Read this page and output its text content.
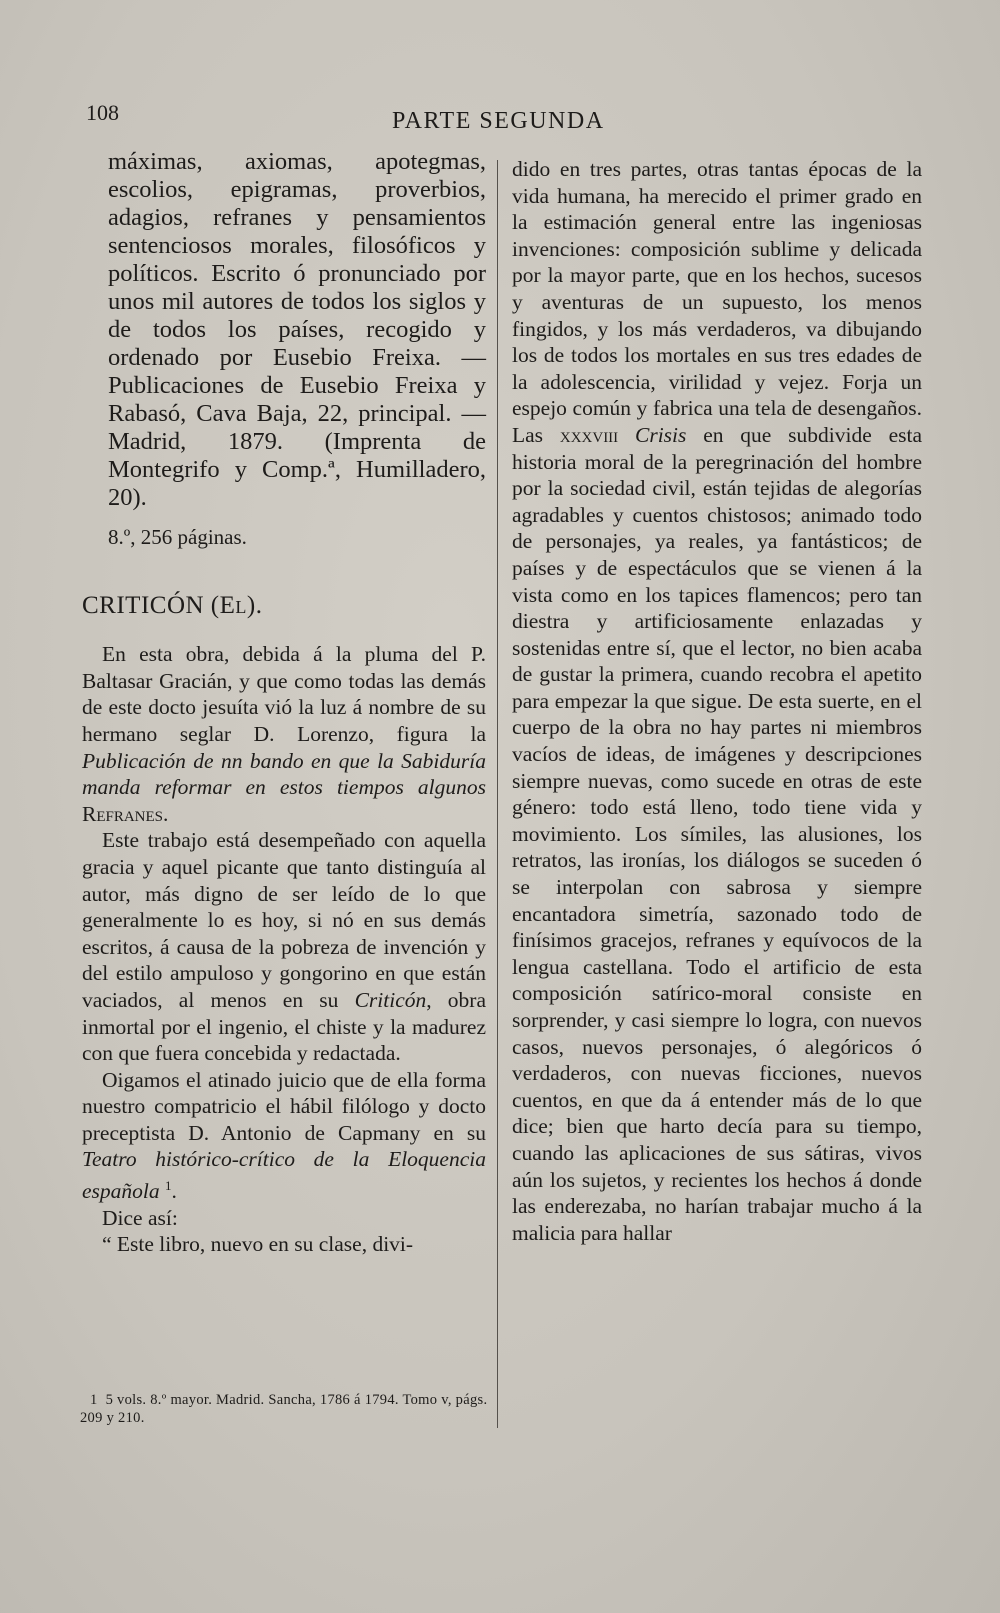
108	PARTE SEGUNDA

máximas, axiomas, apotegmas, escolios, epigramas, proverbios, adagios, refranes y pensamientos sentenciosos morales, filosóficos y políticos. Escrito ó pronunciado por unos mil autores de todos los siglos y de todos los países, recogido y ordenado por Eusebio Freixa. —Publicaciones de Eusebio Freixa y Rabasó, Cava Baja, 22, principal. — Madrid, 1879. (Imprenta de Montegrifo y Comp.ª, Humilladero, 20).

8.º, 256 páginas.

CRITICÓN (El).

En esta obra, debida á la pluma del P. Baltasar Gracián, y que como todas las demás de este docto jesuíta vió la luz á nombre de su hermano seglar D. Lorenzo, figura la Publicación de nn bando en que la Sabiduría manda reformar en estos tiempos algunos Refranes.

Este trabajo está desempeñado con aquella gracia y aquel picante que tanto distinguía al autor, más digno de ser leído de lo que generalmente lo es hoy, si nó en sus demás escritos, á causa de la pobreza de invención y del estilo ampuloso y gongorino en que están vaciados, al menos en su Criticón, obra inmortal por el ingenio, el chiste y la madurez con que fuera concebida y redactada.

Oigamos el atinado juicio que de ella forma nuestro compatricio el hábil filólogo y docto preceptista D. Antonio de Capmany en su Teatro histórico-crítico de la Eloquencia española $^1$.

Dice así:

“ Este libro, nuevo en su clase, divi-

dido en tres partes, otras tantas épocas de la vida humana, ha merecido el primer grado en la estimación general entre las ingeniosas invenciones: composición sublime y delicada por la mayor parte, que en los hechos, sucesos y aventuras de un supuesto, los menos fingidos, y los más verdaderos, va dibujando los de todos los mortales en sus tres edades de la adolescencia, virilidad y vejez. Forja un espejo común y fabrica una tela de desengaños. Las xxxviii Crisis en que subdivide esta historia moral de la peregrinación del hombre por la sociedad civil, están tejidas de alegorías agradables y cuentos chistosos; animado todo de personajes, ya reales, ya fantásticos; de países y de espectáculos que se vienen á la vista como en los tapices flamencos; pero tan diestra y artificiosamente enlazadas y sostenidas entre sí, que el lector, no bien acaba de gustar la primera, cuando recobra el apetito para empezar la que sigue. De esta suerte, en el cuerpo de la obra no hay partes ni miembros vacíos de ideas, de imágenes y descripciones siempre nuevas, como sucede en otras de este género: todo está lleno, todo tiene vida y movimiento. Los símiles, las alusiones, los retratos, las ironías, los diálogos se suceden ó se interpolan con sabrosa y siempre encantadora simetría, sazonado todo de finísimos gracejos, refranes y equívocos de la lengua castellana. Todo el artificio de esta composición satírico-moral consiste en sorprender, y casi siempre lo logra, con nuevos casos, nuevos personajes, ó alegóricos ó verdaderos, con nuevas ficciones, nuevos cuentos, en que da á entender más de lo que dice; bien que harto decía para su tiempo, cuando las aplicaciones de sus sátiras, vivos aún los sujetos, y recientes los hechos á donde las enderezaba, no harían trabajar mucho á la malicia para hallar

1 5 vols. 8.º mayor. Madrid. Sancha, 1786 á 1794. Tomo v, págs. 209 y 210.
